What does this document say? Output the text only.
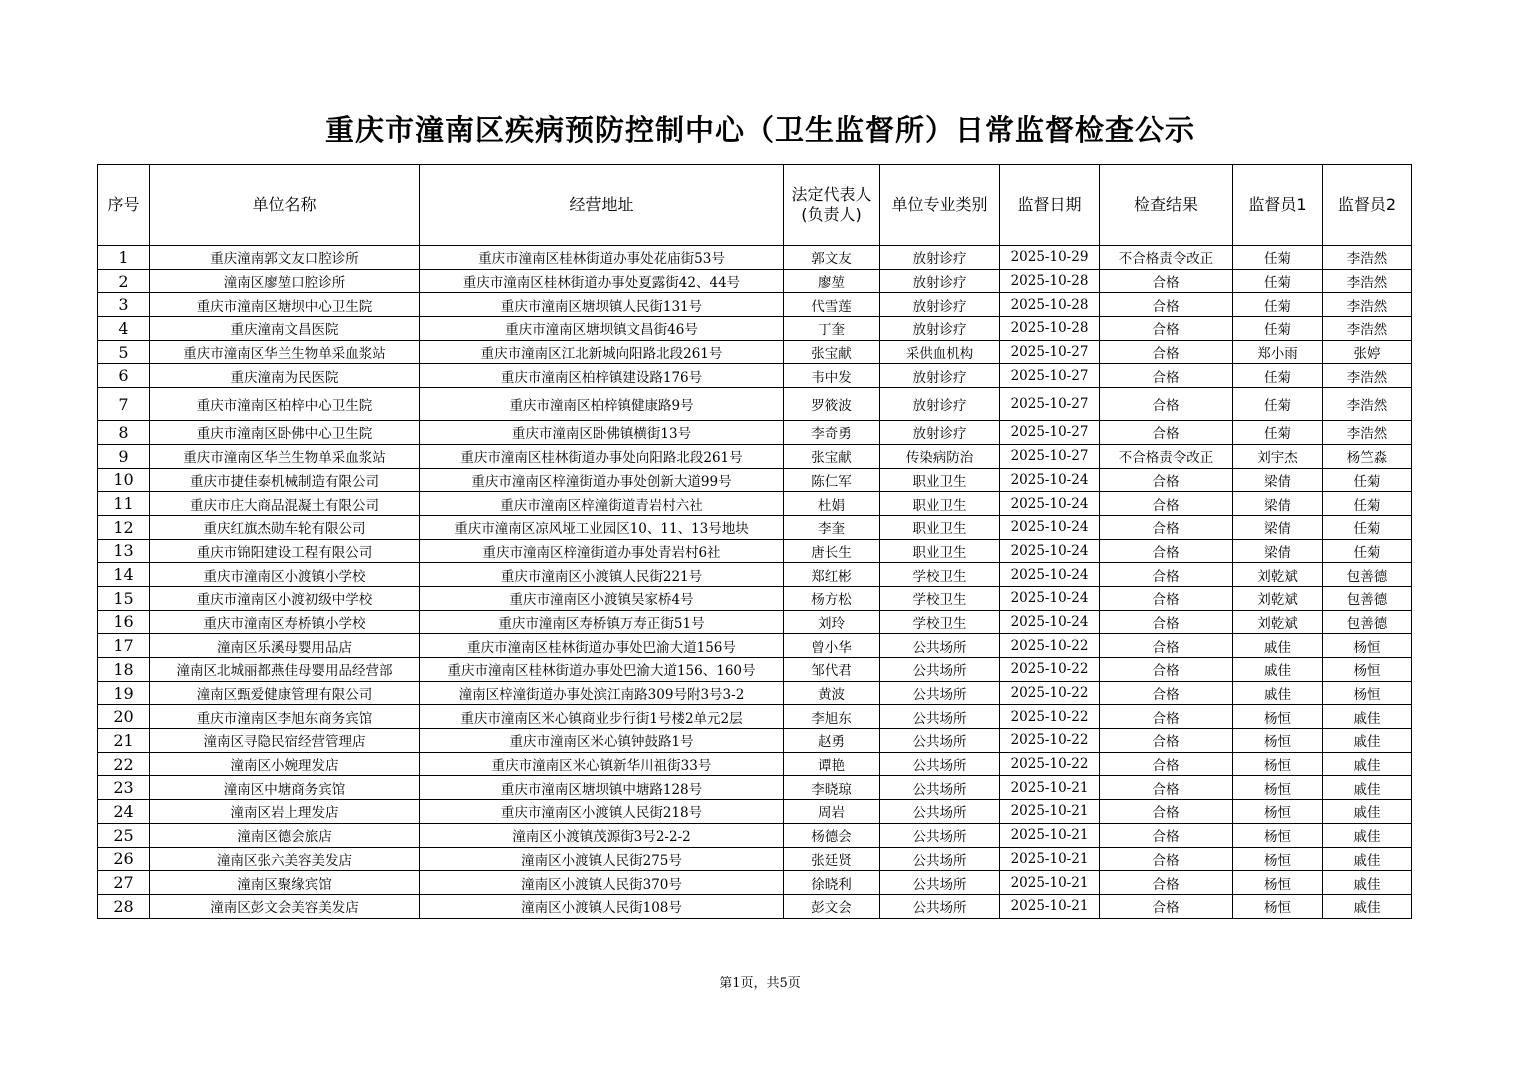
重庆市潼南区疾病预防控制中心（卫生监督所）日常监督检查公示
序号	单位名称	经营地址	法定代表人(负责人)	单位专业类别	监督日期	检查结果	监督员1	监督员2
1	重庆潼南郭文友口腔诊所	重庆市潼南区桂林街道办事处花庙街53号	郭文友	放射诊疗	2025-10-29	不合格责令改正	任菊	李浩然
2	潼南区廖堃口腔诊所	重庆市潼南区桂林街道办事处夏露街42、44号	廖堃	放射诊疗	2025-10-28	合格	任菊	李浩然
3	重庆市潼南区塘坝中心卫生院	重庆市潼南区塘坝镇人民街131号	代雪莲	放射诊疗	2025-10-28	合格	任菊	李浩然
4	重庆潼南文昌医院	重庆市潼南区塘坝镇文昌街46号	丁奎	放射诊疗	2025-10-28	合格	任菊	李浩然
5	重庆市潼南区华兰生物单采血浆站	重庆市潼南区江北新城向阳路北段261号	张宝献	采供血机构	2025-10-27	合格	郑小雨	张婷
6	重庆潼南为民医院	重庆市潼南区柏梓镇建设路176号	韦中发	放射诊疗	2025-10-27	合格	任菊	李浩然
7	重庆市潼南区柏梓中心卫生院	重庆市潼南区柏梓镇健康路9号	罗筱波	放射诊疗	2025-10-27	合格	任菊	李浩然
8	重庆市潼南区卧佛中心卫生院	重庆市潼南区卧佛镇横街13号	李奇勇	放射诊疗	2025-10-27	合格	任菊	李浩然
9	重庆市潼南区华兰生物单采血浆站	重庆市潼南区桂林街道办事处向阳路北段261号	张宝献	传染病防治	2025-10-27	不合格责令改正	刘宇杰	杨竺淼
10	重庆市捷佳泰机械制造有限公司	重庆市潼南区梓潼街道办事处创新大道99号	陈仁军	职业卫生	2025-10-24	合格	梁倩	任菊
11	重庆市庄大商品混凝土有限公司	重庆市潼南区梓潼街道青岩村六社	杜娟	职业卫生	2025-10-24	合格	梁倩	任菊
12	重庆红旗杰勋车轮有限公司	重庆市潼南区凉风垭工业园区10、11、13号地块	李奎	职业卫生	2025-10-24	合格	梁倩	任菊
13	重庆市锦阳建设工程有限公司	重庆市潼南区梓潼街道办事处青岩村6社	唐长生	职业卫生	2025-10-24	合格	梁倩	任菊
14	重庆市潼南区小渡镇小学校	重庆市潼南区小渡镇人民街221号	郑红彬	学校卫生	2025-10-24	合格	刘乾斌	包善德
15	重庆市潼南区小渡初级中学校	重庆市潼南区小渡镇吴家桥4号	杨方松	学校卫生	2025-10-24	合格	刘乾斌	包善德
16	重庆市潼南区寿桥镇小学校	重庆市潼南区寿桥镇万寿正街51号	刘玲	学校卫生	2025-10-24	合格	刘乾斌	包善德
17	潼南区乐溪母婴用品店	重庆市潼南区桂林街道办事处巴渝大道156号	曾小华	公共场所	2025-10-22	合格	戚佳	杨恒
18	潼南区北城丽都燕佳母婴用品经营部	重庆市潼南区桂林街道办事处巴渝大道156、160号	邹代君	公共场所	2025-10-22	合格	戚佳	杨恒
19	潼南区甄爱健康管理有限公司	潼南区梓潼街道办事处滨江南路309号附3号3-2	黄波	公共场所	2025-10-22	合格	戚佳	杨恒
20	重庆市潼南区李旭东商务宾馆	重庆市潼南区米心镇商业步行街1号楼2单元2层	李旭东	公共场所	2025-10-22	合格	杨恒	戚佳
21	潼南区寻隐民宿经营管理店	重庆市潼南区米心镇钟鼓路1号	赵勇	公共场所	2025-10-22	合格	杨恒	戚佳
22	潼南区小婉理发店	重庆市潼南区米心镇新华川祖街33号	谭艳	公共场所	2025-10-22	合格	杨恒	戚佳
23	潼南区中塘商务宾馆	重庆市潼南区塘坝镇中塘路128号	李晓琼	公共场所	2025-10-21	合格	杨恒	戚佳
24	潼南区岩上理发店	重庆市潼南区小渡镇人民街218号	周岩	公共场所	2025-10-21	合格	杨恒	戚佳
25	潼南区德会旅店	潼南区小渡镇茂源街3号2-2-2	杨德会	公共场所	2025-10-21	合格	杨恒	戚佳
26	潼南区张六美容美发店	潼南区小渡镇人民街275号	张廷贤	公共场所	2025-10-21	合格	杨恒	戚佳
27	潼南区聚缘宾馆	潼南区小渡镇人民街370号	徐晓利	公共场所	2025-10-21	合格	杨恒	戚佳
28	潼南区彭文会美容美发店	潼南区小渡镇人民街108号	彭文会	公共场所	2025-10-21	合格	杨恒	戚佳
第1页，共5页
